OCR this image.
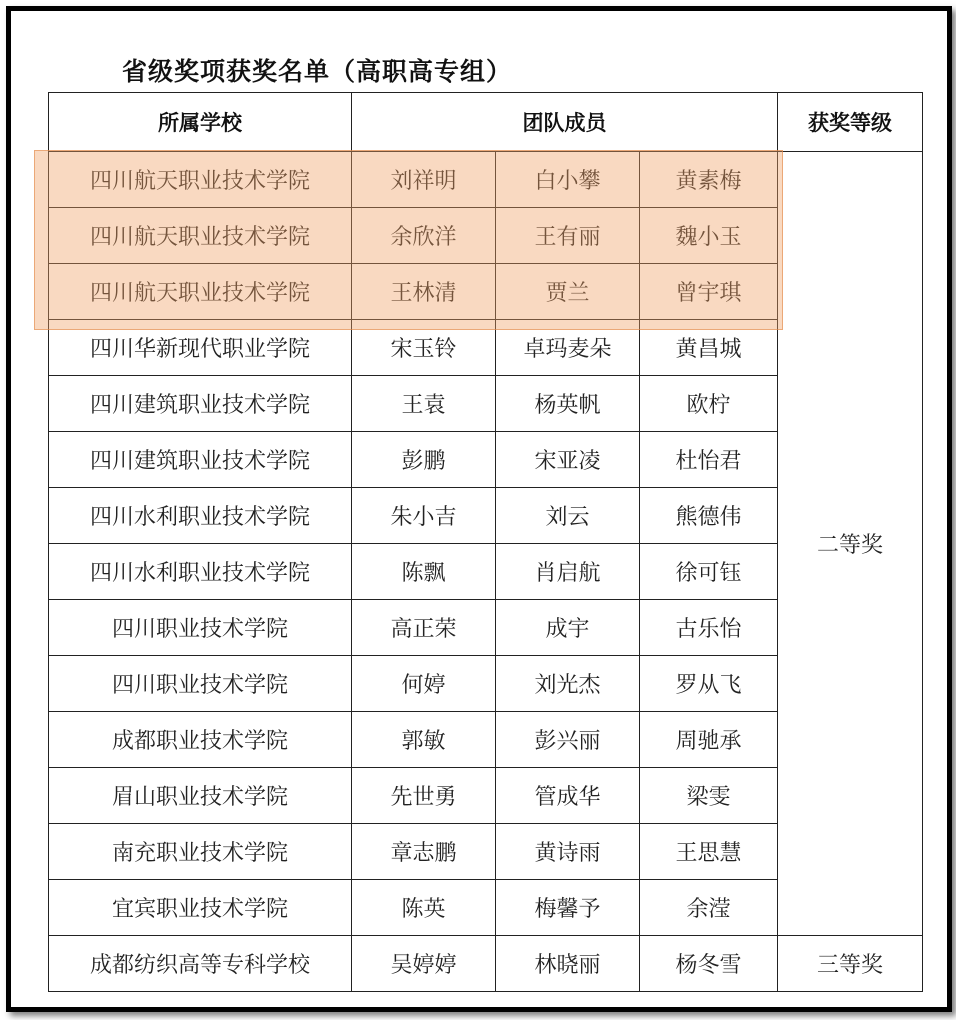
省级奖项获奖名单（高职高专组）
所属学校	团队成员			获奖等级
四川航天职业技术学院	刘祥明	白小攀	黄素梅	二等奖
四川航天职业技术学院	余欣洋	王有丽	魏小玉	
四川航天职业技术学院	王林清	贾兰	曾宇琪	
四川华新现代职业学院	宋玉铃	卓玛麦朵	黄昌城	
四川建筑职业技术学院	王袁	杨英帆	欧柠	
四川建筑职业技术学院	彭鹏	宋亚凌	杜怡君	
四川水利职业技术学院	朱小吉	刘云	熊德伟	
四川水利职业技术学院	陈飘	肖启航	徐可钰	
四川职业技术学院	高正荣	成宇	古乐怡	
四川职业技术学院	何婷	刘光杰	罗从飞	
成都职业技术学院	郭敏	彭兴丽	周驰承	
眉山职业技术学院	先世勇	管成华	梁雯	
南充职业技术学院	章志鹏	黄诗雨	王思慧	
宜宾职业技术学院	陈英	梅馨予	余滢	
成都纺织高等专科学校	吴婷婷	林晓丽	杨冬雪	三等奖
